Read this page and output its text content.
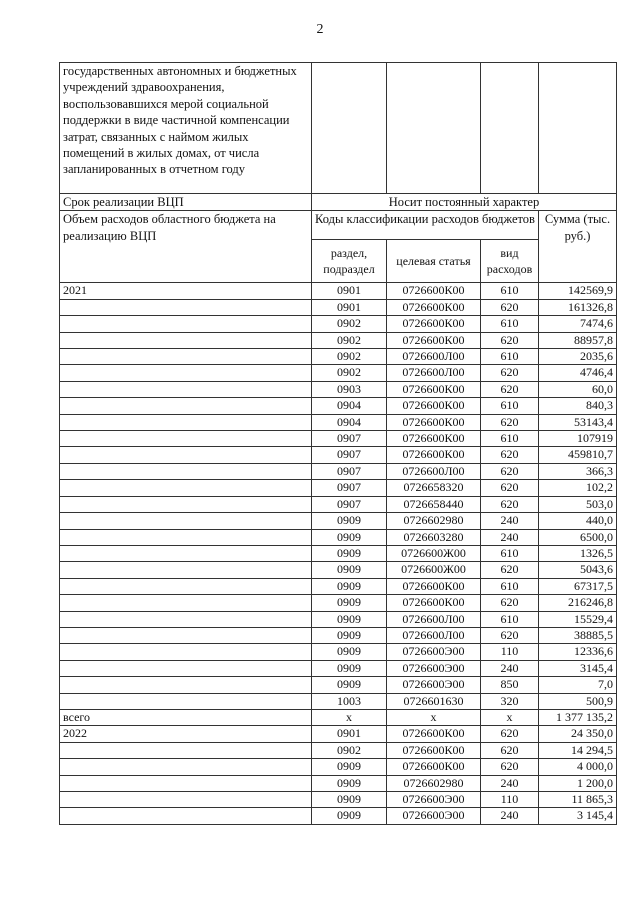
2
государственных автономных и бюджетных учреждений здравоохранения, воспользовавшихся мерой социальной поддержки в виде частичной компенсации затрат, связанных с наймом жилых помещений в жилых домах, от числа запланированных в отчетном году				
Срок реализации ВЦП	Носит постоянный характер			
Объем расходов областного бюджета на реализацию ВЦП	Коды классификации расходов бюджетов			Сумма (тыс. руб.)
	раздел, подраздел	целевая статья	вид расходов	
2021	0901	0726600К00	610	142569,9
	0901	0726600К00	620	161326,8
	0902	0726600К00	610	7474,6
	0902	0726600К00	620	88957,8
	0902	0726600Л00	610	2035,6
	0902	0726600Л00	620	4746,4
	0903	0726600К00	620	60,0
	0904	0726600К00	610	840,3
	0904	0726600К00	620	53143,4
	0907	0726600К00	610	107919
	0907	0726600К00	620	459810,7
	0907	0726600Л00	620	366,3
	0907	0726658320	620	102,2
	0907	0726658440	620	503,0
	0909	0726602980	240	440,0
	0909	0726603280	240	6500,0
	0909	0726600Ж00	610	1326,5
	0909	0726600Ж00	620	5043,6
	0909	0726600К00	610	67317,5
	0909	0726600К00	620	216246,8
	0909	0726600Л00	610	15529,4
	0909	0726600Л00	620	38885,5
	0909	0726600Э00	110	12336,6
	0909	0726600Э00	240	3145,4
	0909	0726600Э00	850	7,0
	1003	0726601630	320	500,9
всего	x	x	x	1 377 135,2
2022	0901	0726600К00	620	24 350,0
	0902	0726600К00	620	14 294,5
	0909	0726600К00	620	4 000,0
	0909	0726602980	240	1 200,0
	0909	0726600Э00	110	11 865,3
	0909	0726600Э00	240	3 145,4
